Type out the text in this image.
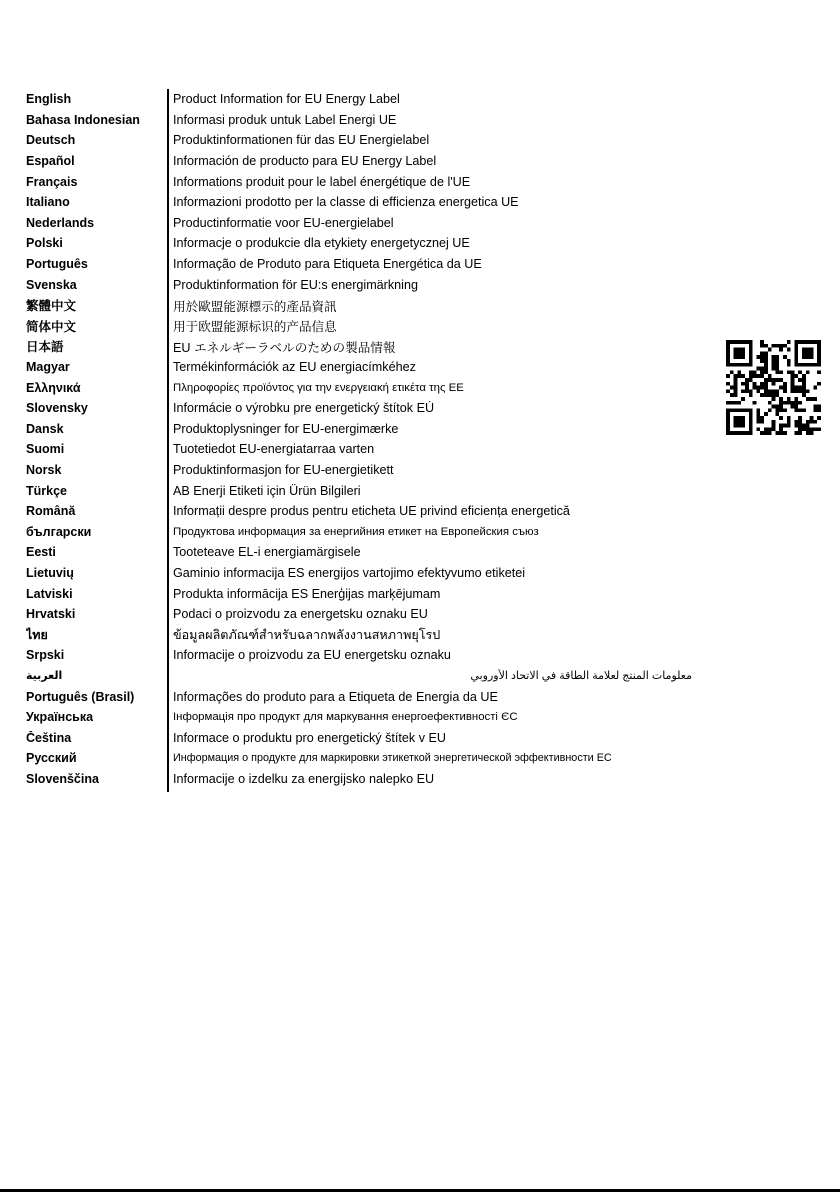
English	Product Information for EU Energy Label
Bahasa Indonesian	Informasi produk untuk Label Energi UE
Deutsch	Produktinformationen für das EU Energielabel
Español	Información de producto para EU Energy Label
Français	Informations produit pour le label énergétique de l'UE
Italiano	Informazioni prodotto per la classe di efficienza energetica UE
Nederlands	Productinformatie voor EU-energielabel
Polski	Informacje o produkcie dla etykiety energetycznej UE
Português	Informação de Produto para Etiqueta Energética da UE
Svenska	Produktinformation för EU:s energimärkning
繁體中文	用於歐盟能源標示的產品資訊
简体中文	用于欧盟能源标识的产品信息
日本語	EU エネルギーラベルのための製品情報
Magyar	Termékinformációk az EU energiacímkéhez
Ελληνικά	Πληροφορίες προϊόντος για την ενεργειακή ετικέτα της ΕΕ
Slovensky	Informácie o výrobku pre energetický štítok EÚ
Dansk	Produktoplysninger for EU-energimærke
Suomi	Tuotetiedot EU-energiatarraa varten
Norsk	Produktinformasjon for EU-energietikett
Türkçe	AB Enerji Etiketi için Ürün Bilgileri
Română	Informații despre produs pentru eticheta UE privind eficiența energetică
български	Продуктова информация за енергийния етикет на Европейския съюз
Eesti	Tooteteave EL-i energiamärgisele
Lietuvių	Gaminio informacija ES energijos vartojimo efektyvumo etiketei
Latviski	Produkta informācija ES Enerģijas marķējumam
Hrvatski	Podaci o proizvodu za energetsku oznaku EU
ไทย	ข้อมูลผลิตภัณฑ์สำหรับฉลากพลังงานสหภาพยุโรป
Srpski	Informacije o proizvodu za EU energetsku oznaku
العربية	معلومات المنتج لعلامة الطاقة في الاتحاد الأوروبي
Português (Brasil)	Informações do produto para a Etiqueta de Energia da UE
Українська	Інформація про продукт для маркування енергоефективності ЄС
Čeština	Informace o produktu pro energetický štítek v EU
Русский	Информация о продукте для маркировки этикеткой энергетической эффективности ЕС
Slovenščina	Informacije o izdelku za energijsko nalepko EU
